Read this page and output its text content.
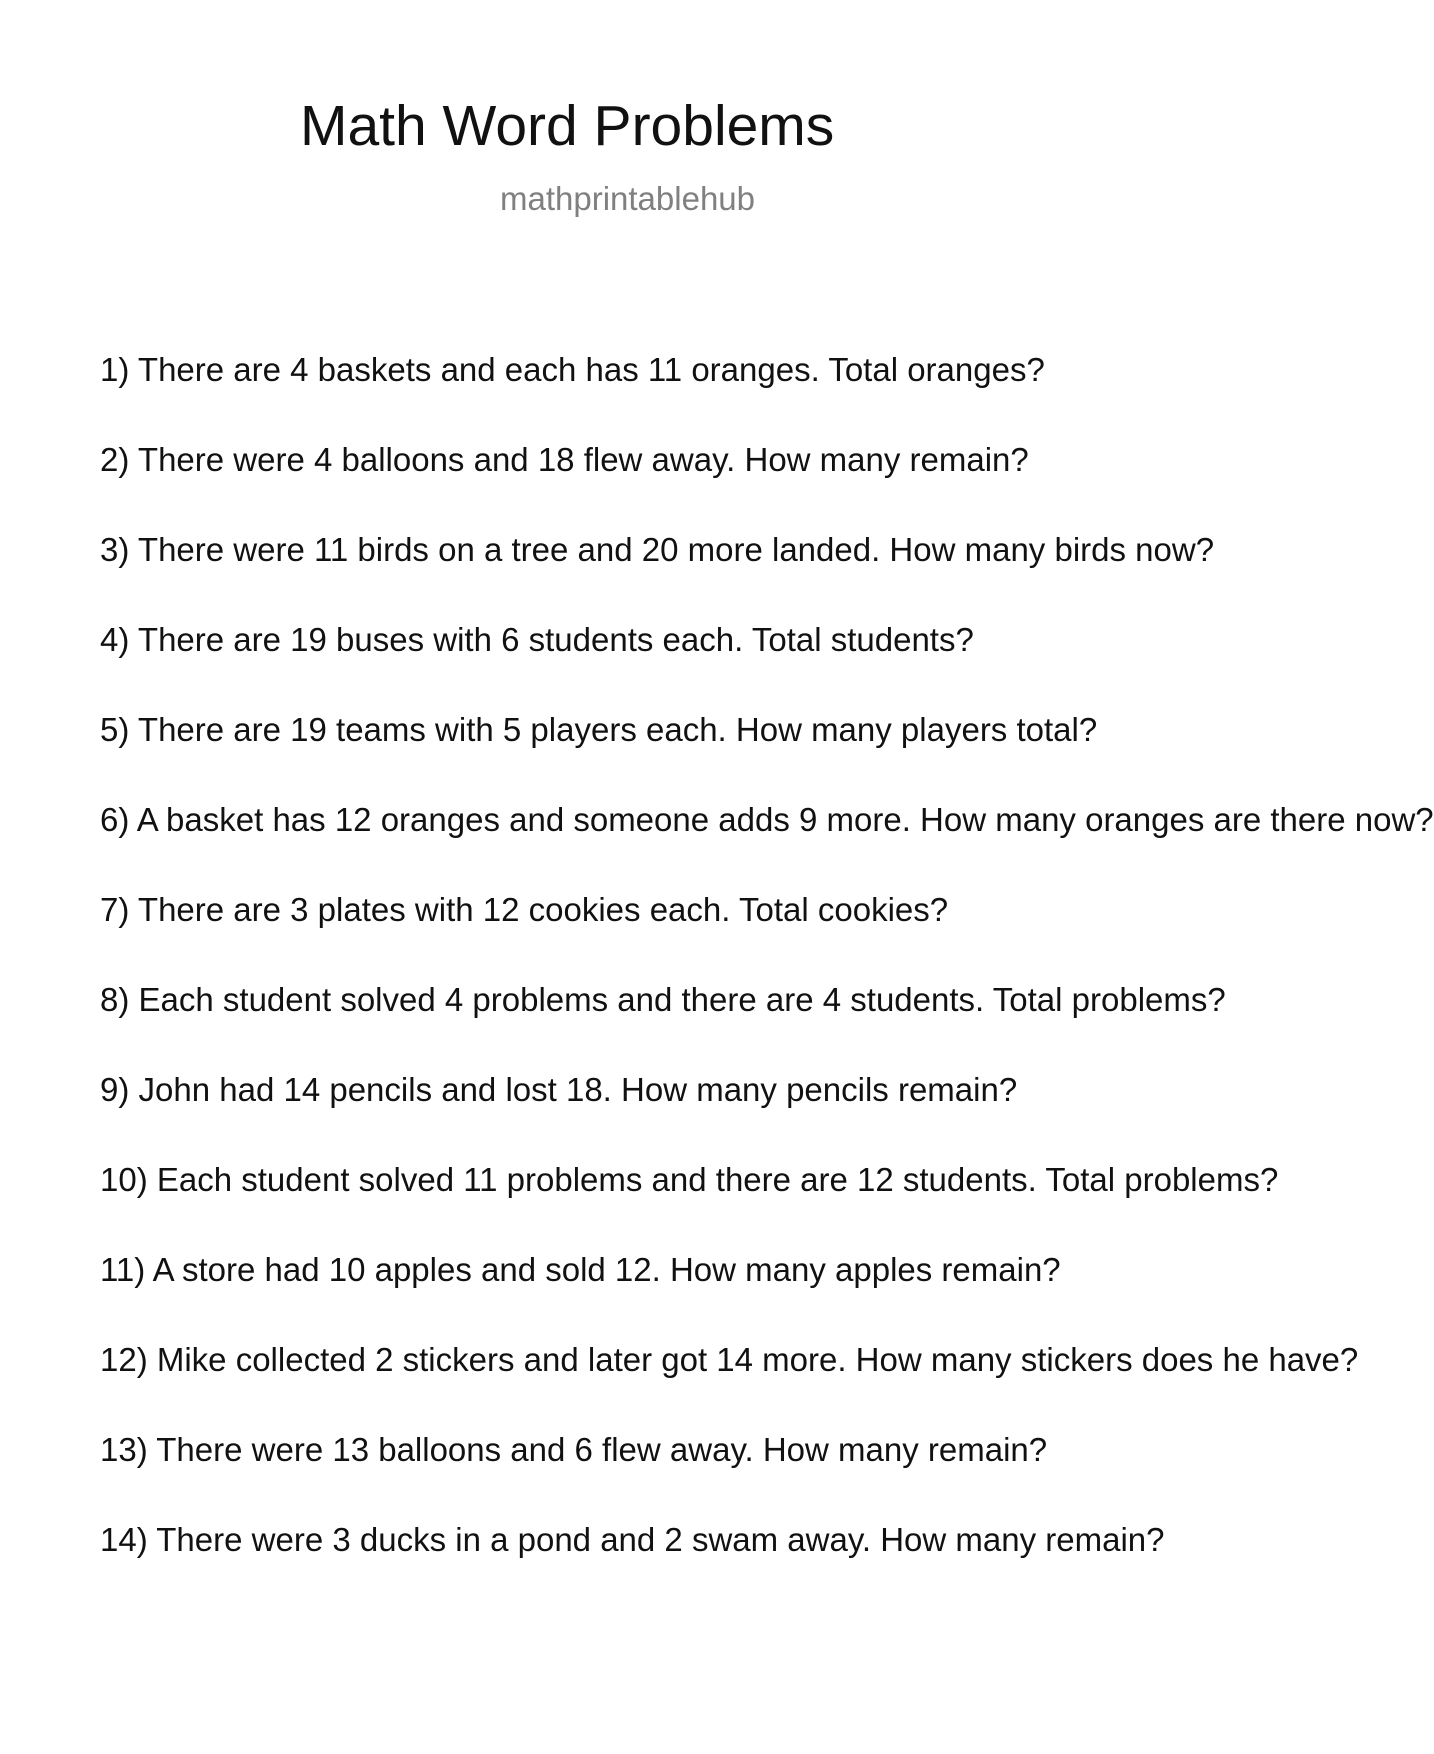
Math Word Problems
mathprintablehub
1) There are 4 baskets and each has 11 oranges. Total oranges?
2) There were 4 balloons and 18 flew away. How many remain?
3) There were 11 birds on a tree and 20 more landed. How many birds now?
4) There are 19 buses with 6 students each. Total students?
5) There are 19 teams with 5 players each. How many players total?
6) A basket has 12 oranges and someone adds 9 more. How many oranges are there now?
7) There are 3 plates with 12 cookies each. Total cookies?
8) Each student solved 4 problems and there are 4 students. Total problems?
9) John had 14 pencils and lost 18. How many pencils remain?
10) Each student solved 11 problems and there are 12 students. Total problems?
11) A store had 10 apples and sold 12. How many apples remain?
12) Mike collected 2 stickers and later got 14 more. How many stickers does he have?
13) There were 13 balloons and 6 flew away. How many remain?
14) There were 3 ducks in a pond and 2 swam away. How many remain?
